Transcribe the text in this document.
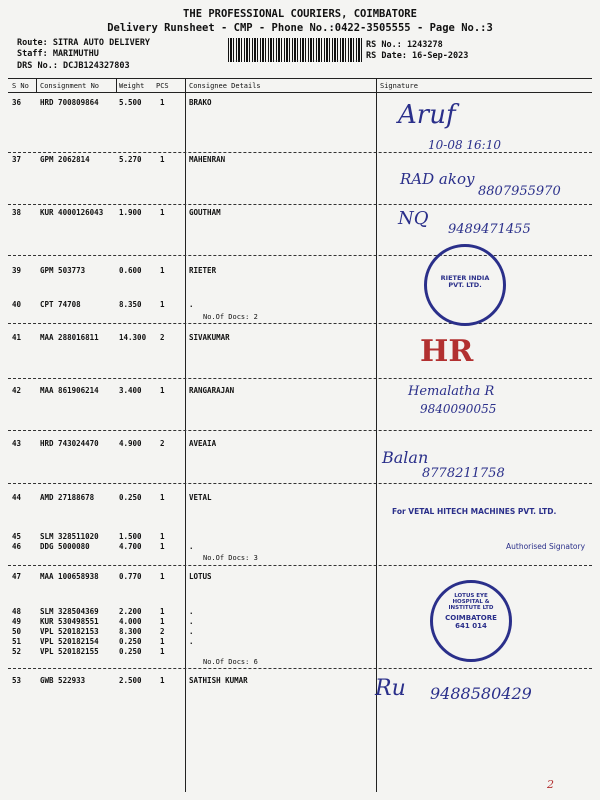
THE PROFESSIONAL COURIERS, COIMBATORE
Delivery Runsheet - CMP - Phone No.:0422-3505555 - Page No.:3
Route: SITRA AUTO DELIVERY
Staff: MARIMUTHU
DRS No.: DCJB124327803
RS No.: 1243278
RS Date: 16-Sep-2023
S No Consignment No	Weight PCS	Consignee Details	Signature
36	HRD 700809864	5.500 1	BRAKO
37	GPM 2062814	5.270 1	MAHENRAN
38	KUR 4000126043 1.900 1	GOUTHAM
39	GPM 503773	0.600 1	RIETER
40	CPT 74708	8.350 1	.
41	MAA 288016811	14.300 2	SIVAKUMAR
42	MAA 861906214	3.400 1	RANGARAJAN
43	HRD 743024470	4.900 2	AVEAIA
44	AMD 27188678	0.250 1	VETAL
45	SLM 328511020	1.500 1
46	DDG 5000080	4.700 1	.
47	MAA 100658938	0.770 1	LOTUS
48	SLM 328504369	2.200 1	.
49	KUR 530498551	4.000 1	.
50	VPL 520182153	8.300 2	.
51	VPL 520182154	0.250 1	.
52	VPL 520182155	0.250 1
53	GWB 522933	2.500 1	SATHISH KUMAR
No.Of Docs: 2
No.Of Docs: 3
No.Of Docs: 6
Aruf
10-08 16:10
RAD akoy
8807955970
NQ
9489471455
HR
Hemalatha R
9840090055
Balan
8778211758
Ru 9488580429
2
RIETER INDIA PVT. LTD.
For VETAL HITECH MACHINES PVT. LTD.
Authorised Signatory
LOTUS EYE HOSPITAL & INSTITUTE LTD
COIMBATORE
641 014
